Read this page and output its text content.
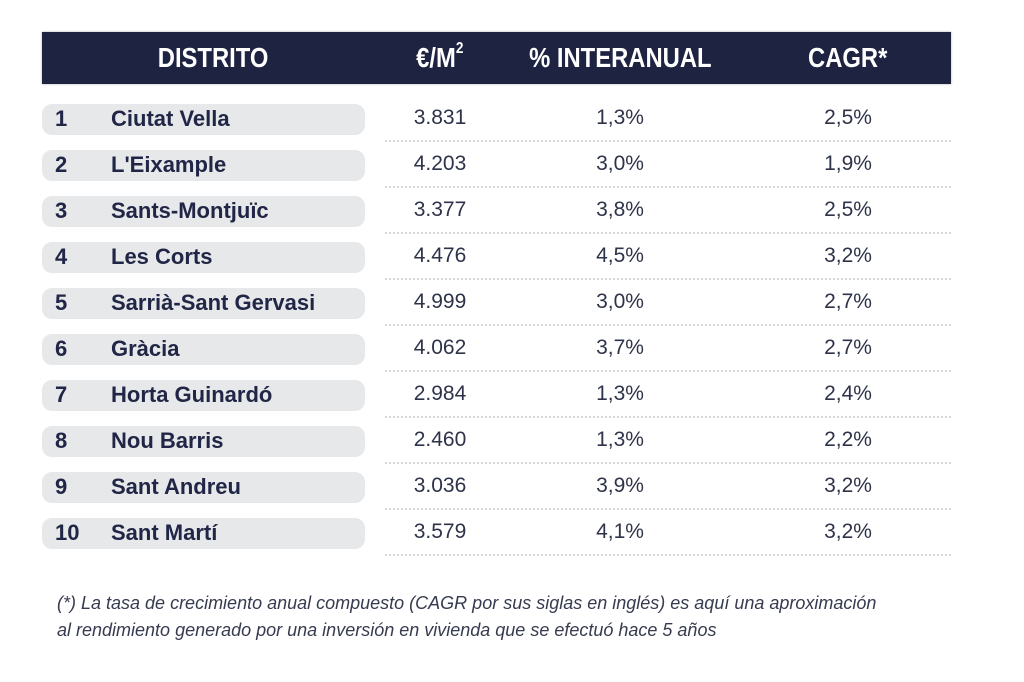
DISTRITO	$€/M^2$	% INTERANUAL	CAGR*
1	Ciutat Vella	3.831	1,3%	2,5%
2	L'Eixample	4.203	3,0%	1,9%
3	Sants-Montjuïc	3.377	3,8%	2,5%
4	Les Corts	4.476	4,5%	3,2%
5	Sarrià-Sant Gervasi	4.999	3,0%	2,7%
6	Gràcia	4.062	3,7%	2,7%
7	Horta Guinardó	2.984	1,3%	2,4%
8	Nou Barris	2.460	1,3%	2,2%
9	Sant Andreu	3.036	3,9%	3,2%
10	Sant Martí	3.579	4,1%	3,2%
(*) La tasa de crecimiento anual compuesto (CAGR por sus siglas en inglés) es aquí una aproximación
al rendimiento generado por una inversión en vivienda que se efectuó hace 5 años
